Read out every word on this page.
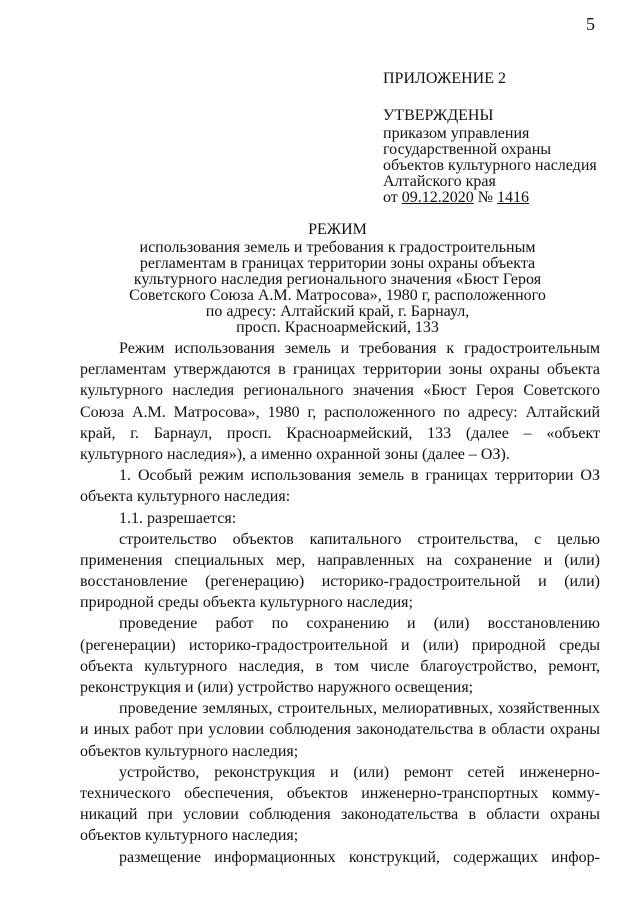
5
ПРИЛОЖЕНИЕ 2
УТВЕРЖДЕНЫ
приказом управления
государственной охраны
объектов культурного наследия
Алтайского края
от 09.12.2020 № 1416
РЕЖИМ
использования земель и требования к градостроительным
регламентам в границах территории зоны охраны объекта
культурного наследия регионального значения «Бюст Героя
Советского Союза А.М. Матросова», 1980 г, расположенного
по адресу: Алтайский край, г. Барнаул,
просп. Красноармейский, 133
Режим использования земель и требования к градостроительным
регламентам утверждаются в границах территории зоны охраны объекта
культурного наследия регионального значения «Бюст Героя Советского
Союза А.М. Матросова», 1980 г, расположенного по адресу: Алтайский
край, г. Барнаул, просп. Красноармейский, 133 (далее – «объект
культурного наследия»), а именно охранной зоны (далее – ОЗ).
1. Особый режим использования земель в границах территории ОЗ
объекта культурного наследия:
1.1. разрешается:
строительство объектов капитального строительства, с целью
применения специальных мер, направленных на сохранение и (или)
восстановление (регенерацию) историко-градостроительной и (или)
природной среды объекта культурного наследия;
проведение работ по сохранению и (или) восстановлению
(регенерации) историко-градостроительной и (или) природной среды
объекта культурного наследия, в том числе благоустройство, ремонт,
реконструкция и (или) устройство наружного освещения;
проведение земляных, строительных, мелиоративных, хозяйственных
и иных работ при условии соблюдения законодательства в области охраны
объектов культурного наследия;
устройство, реконструкция и (или) ремонт сетей инженерно-
технического обеспечения, объектов инженерно-транспортных комму-
никаций при условии соблюдения законодательства в области охраны
объектов культурного наследия;
размещение информационных конструкций, содержащих инфор-
